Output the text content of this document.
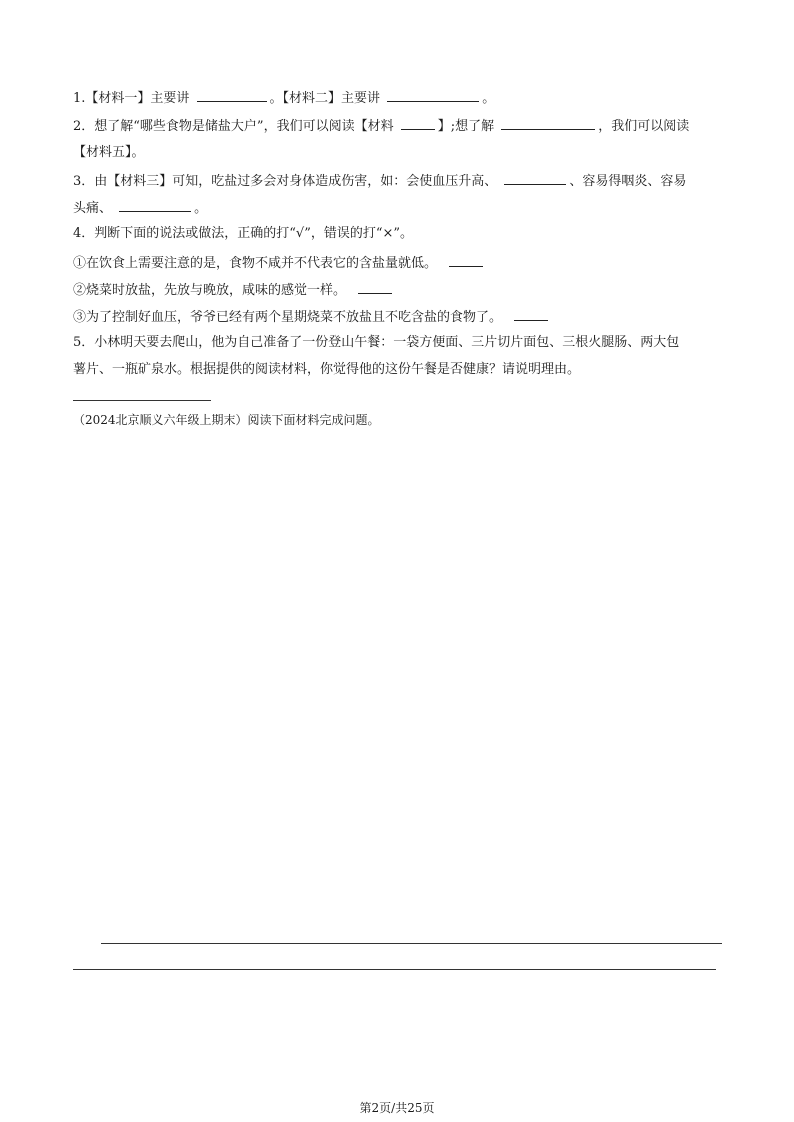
1.【材料一】主要讲	。【材料二】主要讲	。
2．想了解“哪些食物是储盐大户”，我们可以阅读【材料	】;想了解	，我们可以阅读
【材料五】。
3．由【材料三】可知，吃盐过多会对身体造成伤害，如：会使血压升高、	、容易得咽炎、容易
头痛、	。
4．判断下面的说法或做法，正确的打“√”，错误的打“×”。
①在饮食上需要注意的是，食物不咸并不代表它的含盐量就低。
②烧菜时放盐，先放与晚放，咸味的感觉一样。
③为了控制好血压，爷爷已经有两个星期烧菜不放盐且不吃含盐的食物了。
5．小林明天要去爬山，他为自己准备了一份登山午餐：一袋方便面、三片切片面包、三根火腿肠、两大包
薯片、一瓶矿泉水。根据提供的阅读材料，你觉得他的这份午餐是否健康？请说明理由。
（2024北京顺义六年级上期末）阅读下面材料完成问题。
第2页/共25页
